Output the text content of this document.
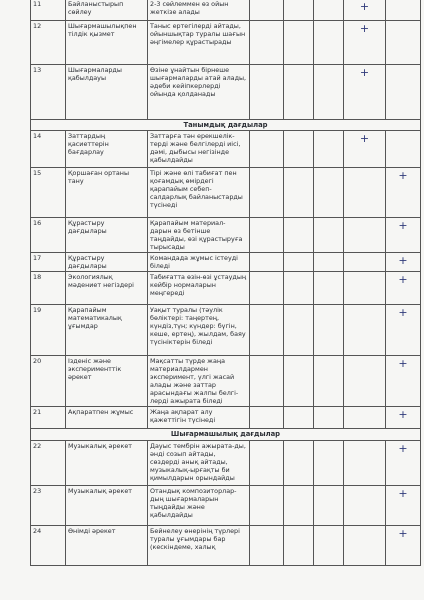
11	Байланыстырып сөйлеу	2-3 сөйлеммен өз ойын жеткізе алады				+	
12	Шығармашылықпен тілдік қызмет	Таныс ертегілерді айтады, ойыншықтар туралы шағын әңгімелер құрастырады				+	
13	Шығармаларды қабылдауы	Өзіне ұнайтын бірнеше шығармаларды атай алады, әдеби кейіпкерлерді ойында қолданады				+	
Танымдық дағдылар							
14	Заттардың қасиеттерін бағдарлау	Заттарға тән ерекшелік-терді және белгілерді иісі, дәмі, дыбысы негізінде қабылдайды				+	
15	Қоршаған ортаны тану	Тірі және өлі табиғат пен қоғамдық өмірдегі қарапайым себеп-салдарлық байланыстарды түсінеді					+
16	Құрастыру дағдылары	Қарапайым материал-дарын өз бетінше таңдайды, өзі құрастыруға тырысады					+
17	Құрастыру дағдылары	Командада жұмыс істеуді біледі					+
18	Экологиялық мәдениет негіздері	Табиғатта өзін-өзі ұстаудың кейбір нормаларын меңгереді					+
19	Қарапайым математикалық ұғымдар	Уақыт туралы (тәулік бөліктері: таңертең, күндіз,түн; күндер: бүгін, кеше, ертең), жылдам, баяу түсініктерін біледі					+
20	Ізденіс және эксперименттік әрекет	Мақсатты түрде жаңа материалдармен эксперимент, үлгі жасай алады және заттар арасындағы жалпы белгі-лерді ажырата біледі					+
21	Ақпаратпен жұмыс	Жаңа ақпарат алу қажеттігін түсінеді					+
Шығармашылық дағдылар							
22	Музыкалық әрекет	Дауыс тембрін ажырата-ды, әнді созып айтады, сөздерді анық айтады, музыкалық-ырғақты би қимылдарын орындайды					+
23	Музыкалық әрекет	Отандық композиторлар-дың шығармаларын тыңдайды және қабылдайды					+
24	Өнімді әрекет	Бейнелеу өнерінің түрлері туралы ұғымдары бар (кескіндеме, халық					+
